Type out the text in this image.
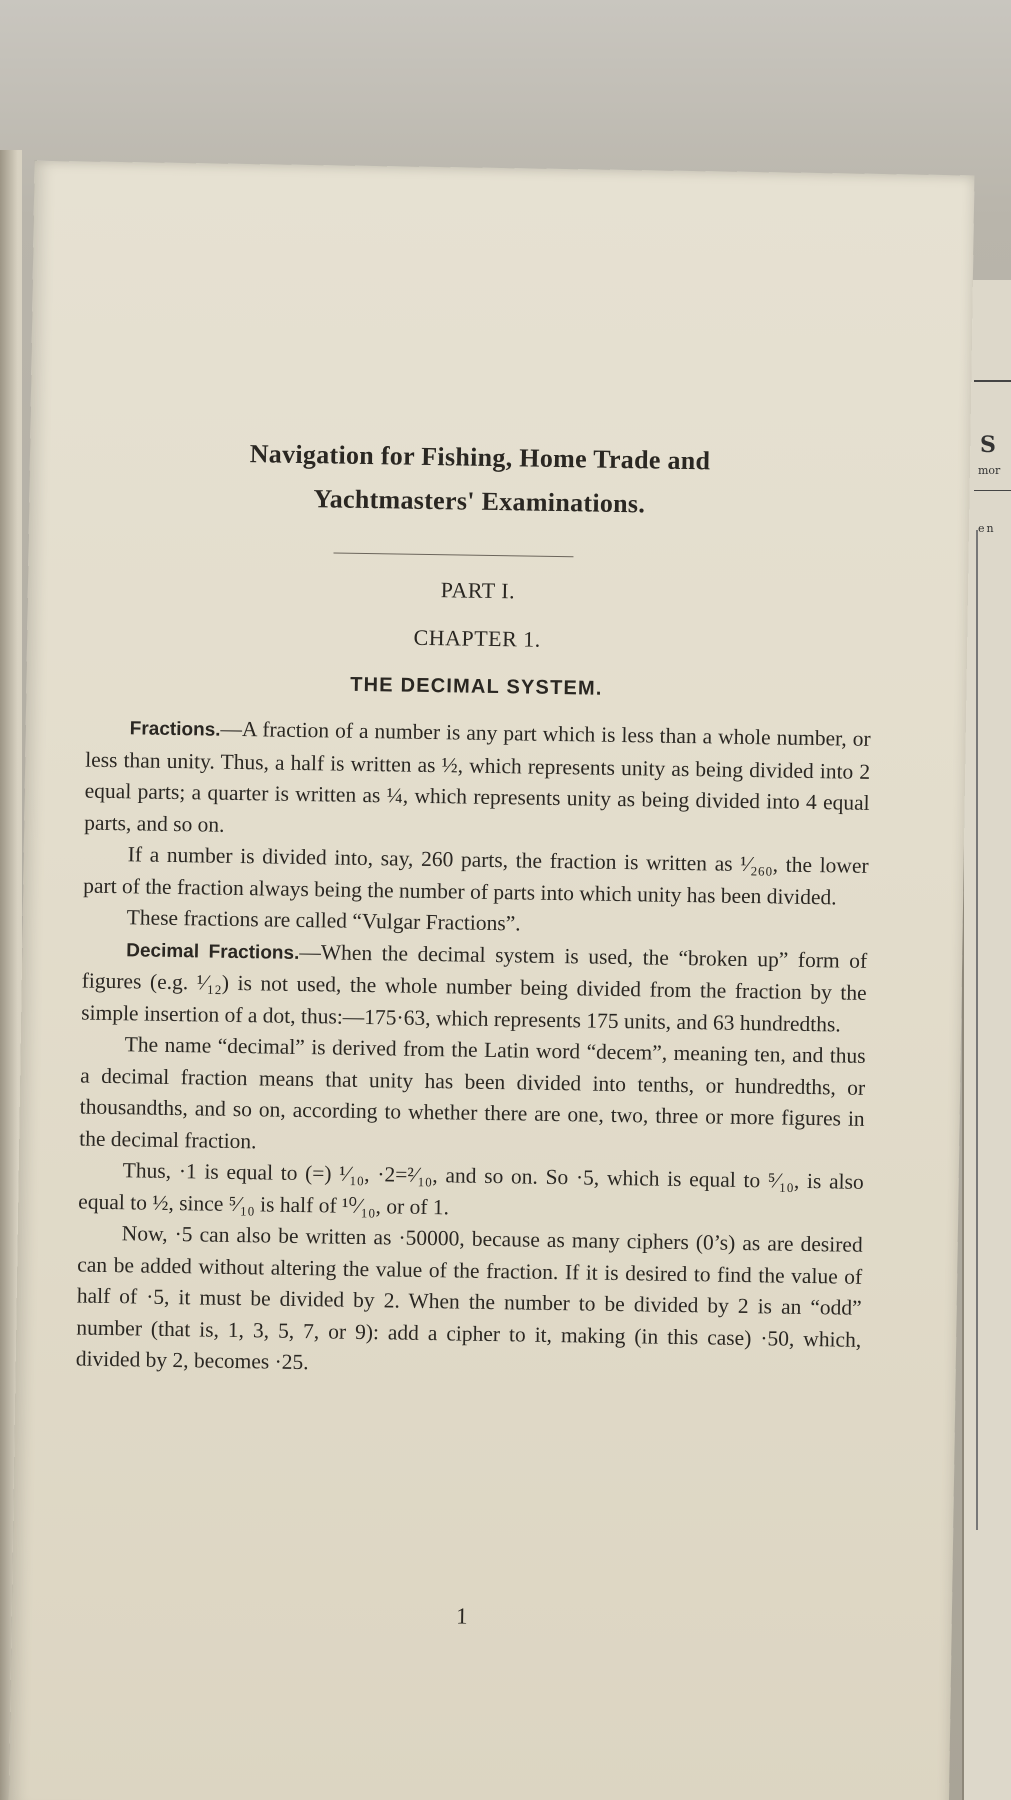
S
mor
en
Navigation for Fishing, Home Trade and
Yachtmasters' Examinations.
PART I.
CHAPTER 1.
THE DECIMAL SYSTEM.

Fractions.—A fraction of a number is any part which is less than a whole number, or less than unity. Thus, a half is written as ½, which represents unity as being divided into 2 equal parts; a quarter is written as ¼, which represents unity as being divided into 4 equal parts, and so on.

If a number is divided into, say, 260 parts, the fraction is written as ¹⁄₂₆₀, the lower part of the fraction always being the number of parts into which unity has been divided.

These fractions are called “Vulgar Fractions”.

Decimal Fractions.—When the decimal system is used, the “broken up” form of figures (e.g. ¹⁄₁₂) is not used, the whole number being divided from the fraction by the simple insertion of a dot, thus:—175·63, which represents 175 units, and 63 hundredths.

The name “decimal” is derived from the Latin word “decem”, meaning ten, and thus a decimal fraction means that unity has been divided into tenths, or hundredths, or thousandths, and so on, according to whether there are one, two, three or more figures in the decimal fraction.

Thus, ·1 is equal to (=) ¹⁄₁₀, ·2=²⁄₁₀, and so on. So ·5, which is equal to ⁵⁄₁₀, is also equal to ½, since ⁵⁄₁₀ is half of ¹⁰⁄₁₀, or of 1.

Now, ·5 can also be written as ·50000, because as many ciphers (0’s) as are desired can be added without altering the value of the fraction. If it is desired to find the value of half of ·5, it must be divided by 2. When the number to be divided by 2 is an “odd” number (that is, 1, 3, 5, 7, or 9): add a cipher to it, making (in this case) ·50, which, divided by 2, becomes ·25.

1
